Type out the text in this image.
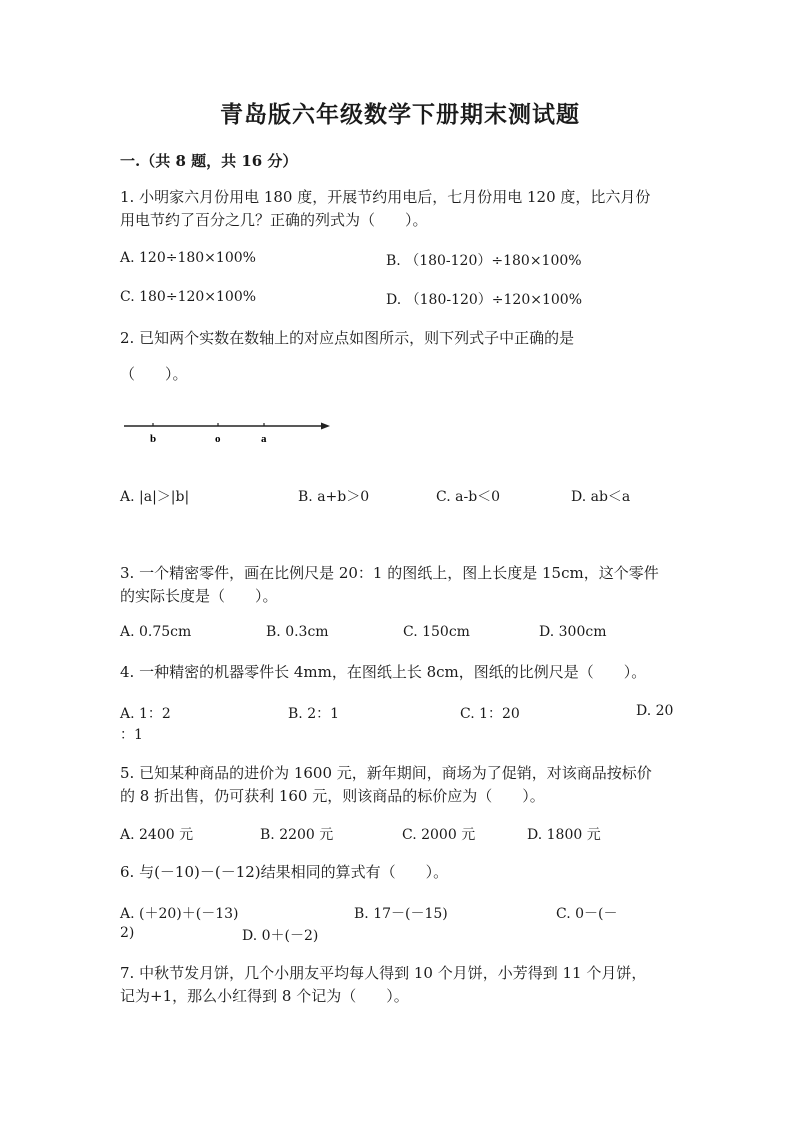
青岛版六年级数学下册期末测试题
一.（共 8 题，共 16 分）
1. 小明家六月份用电 180 度，开展节约用电后，七月份用电 120 度，比六月份
用电节约了百分之几？正确的列式为（　　）。
A. 120÷180×100%	B. （180-120）÷180×100%
C. 180÷120×100%	D. （180-120）÷120×100%
2. 已知两个实数在数轴上的对应点如图所示，则下列式子中正确的是
（　　）。
b	o	a
A. |a|＞|b|	B. a+b＞0	C. a-b＜0	D. ab＜a
3. 一个精密零件，画在比例尺是 20：1 的图纸上，图上长度是 15cm，这个零件
的实际长度是（　　）。
A. 0.75cm	B. 0.3cm	C. 150cm	D. 300cm
4. 一种精密的机器零件长 4mm，在图纸上长 8cm，图纸的比例尺是（　　）。
A. 1：2	B. 2：1	C. 1：20	D. 20
：1
5. 已知某种商品的进价为 1600 元，新年期间，商场为了促销，对该商品按标价
的 8 折出售，仍可获利 160 元，则该商品的标价应为（　　）。
A. 2400 元	B. 2200 元	C. 2000 元	D. 1800 元
6. 与(－10)－(－12)结果相同的算式有（　　）。
A. (＋20)＋(－13)	B. 17－(－15)	C. 0－(－
2)	D. 0＋(－2)
7. 中秋节发月饼，几个小朋友平均每人得到 10 个月饼，小芳得到 11 个月饼，
记为+1，那么小红得到 8 个记为（　　）。
